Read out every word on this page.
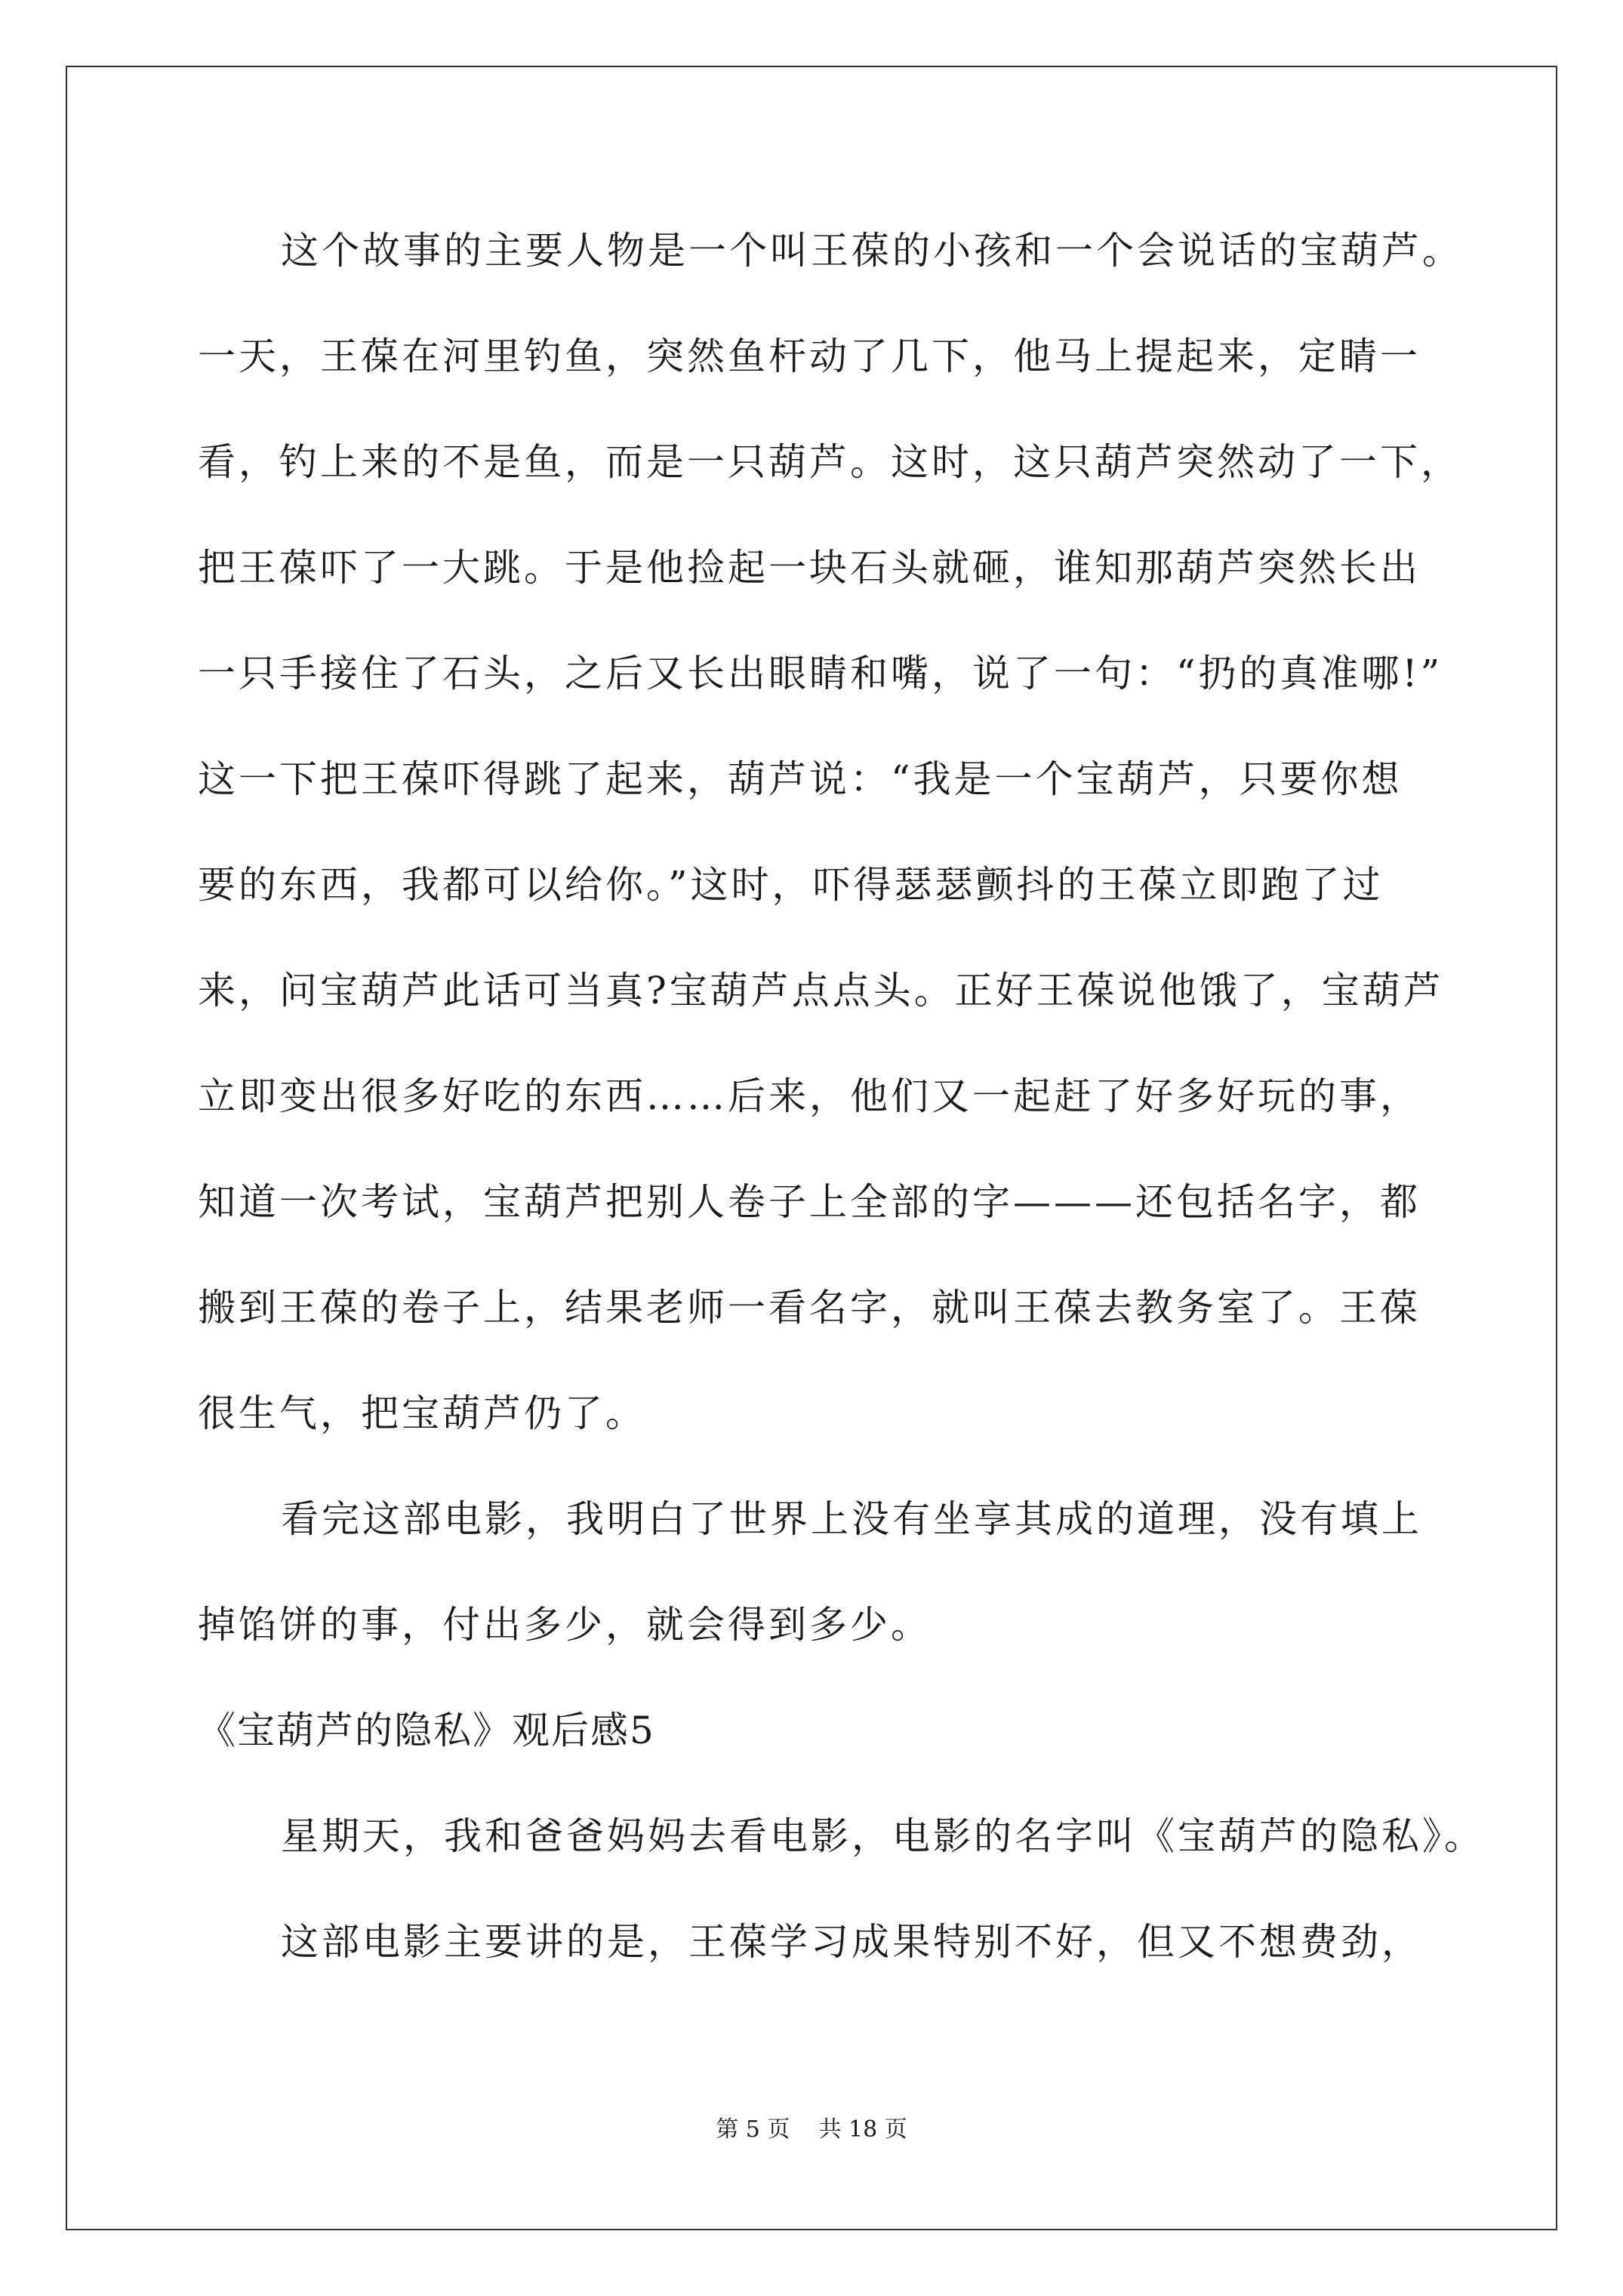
这个故事的主要人物是一个叫王葆的小孩和一个会说话的宝葫芦。
一天，王葆在河里钓鱼，突然鱼杆动了几下，他马上提起来，定睛一
看，钓上来的不是鱼，而是一只葫芦。这时，这只葫芦突然动了一下，
把王葆吓了一大跳。于是他捡起一块石头就砸，谁知那葫芦突然长出
一只手接住了石头，之后又长出眼睛和嘴，说了一句：“扔的真准哪!”
这一下把王葆吓得跳了起来，葫芦说：“我是一个宝葫芦，只要你想
要的东西，我都可以给你。”这时，吓得瑟瑟颤抖的王葆立即跑了过
来，问宝葫芦此话可当真?宝葫芦点点头。正好王葆说他饿了，宝葫芦
立即变出很多好吃的东西……后来，他们又一起赶了好多好玩的事，
知道一次考试，宝葫芦把别人卷子上全部的字———还包括名字，都
搬到王葆的卷子上，结果老师一看名字，就叫王葆去教务室了。王葆
很生气，把宝葫芦仍了。
看完这部电影，我明白了世界上没有坐享其成的道理，没有填上
掉馅饼的事，付出多少，就会得到多少。
《宝葫芦的隐私》观后感5
星期天，我和爸爸妈妈去看电影，电影的名字叫《宝葫芦的隐私》。
这部电影主要讲的是，王葆学习成果特别不好，但又不想费劲，
第 5 页    共 18 页
